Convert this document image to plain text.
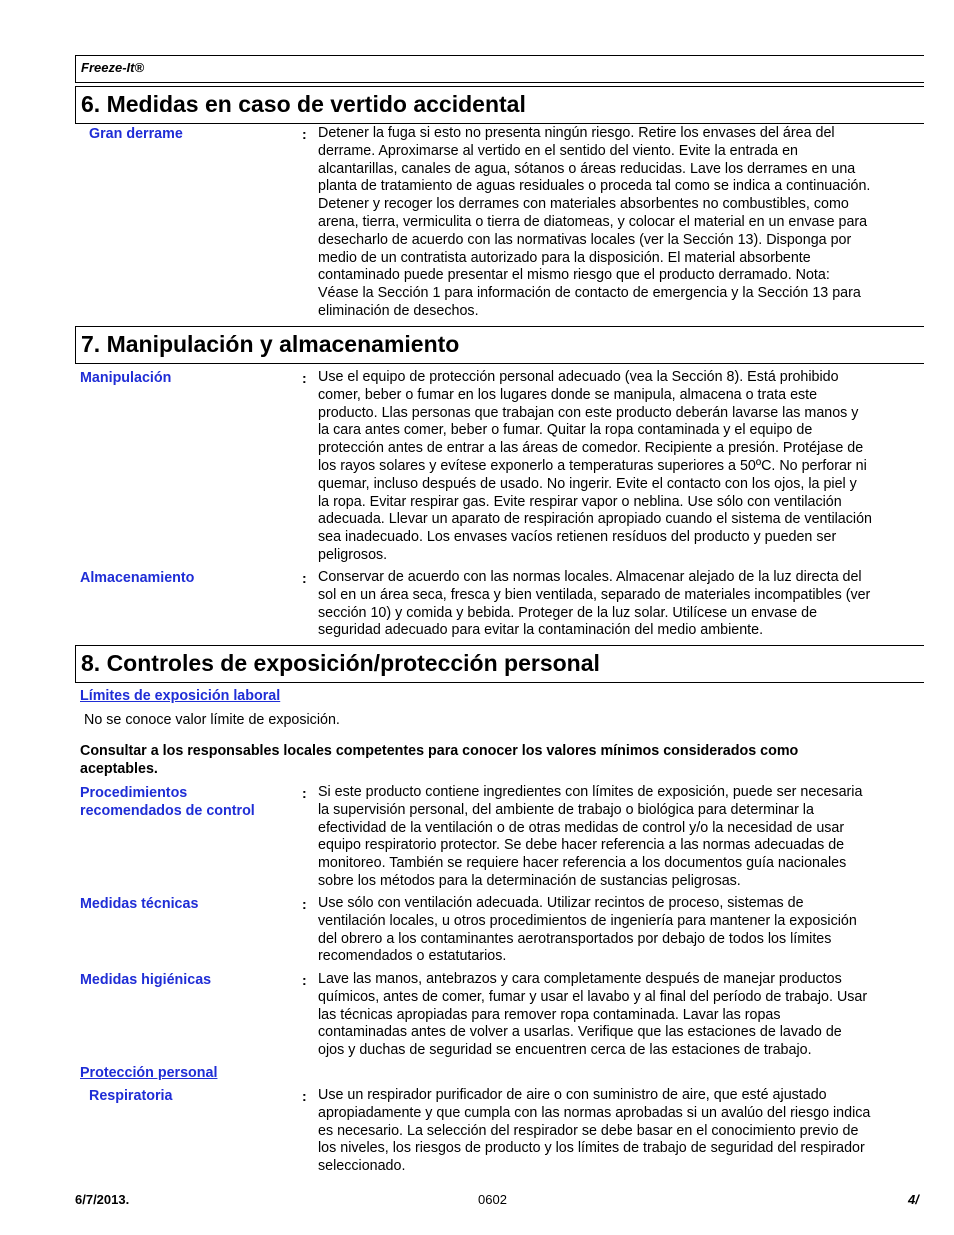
Freeze-It®
6. Medidas en caso de vertido accidental
Gran derrame	: Detener la fuga si esto no presenta ningún riesgo. Retire los envases del área del
derrame. Aproximarse al vertido en el sentido del viento. Evite la entrada en
alcantarillas, canales de agua, sótanos o áreas reducidas. Lave los derrames en una
planta de tratamiento de aguas residuales o proceda tal como se indica a continuación.
Detener y recoger los derrames con materiales absorbentes no combustibles, como
arena, tierra, vermiculita o tierra de diatomeas, y colocar el material en un envase para
desecharlo de acuerdo con las normativas locales (ver la Sección 13). Disponga por
medio de un contratista autorizado para la disposición. El material absorbente
contaminado puede presentar el mismo riesgo que el producto derramado. Nota:
Véase la Sección 1 para información de contacto de emergencia y la Sección 13 para
eliminación de desechos.
7. Manipulación y almacenamiento
Manipulación	: Use el equipo de protección personal adecuado (vea la Sección 8). Está prohibido
comer, beber o fumar en los lugares donde se manipula, almacena o trata este
producto. Llas personas que trabajan con este producto deberán lavarse las manos y
la cara antes comer, beber o fumar. Quitar la ropa contaminada y el equipo de
protección antes de entrar a las áreas de comedor. Recipiente a presión. Protéjase de
los rayos solares y evítese exponerlo a temperaturas superiores a 50ºC. No perforar ni
quemar, incluso después de usado. No ingerir. Evite el contacto con los ojos, la piel y
la ropa. Evitar respirar gas. Evite respirar vapor o neblina. Use sólo con ventilación
adecuada. Llevar un aparato de respiración apropiado cuando el sistema de ventilación
sea inadecuado. Los envases vacíos retienen resíduos del producto y pueden ser
peligrosos.
Almacenamiento	: Conservar de acuerdo con las normas locales. Almacenar alejado de la luz directa del
sol en un área seca, fresca y bien ventilada, separado de materiales incompatibles (ver
sección 10) y comida y bebida. Proteger de la luz solar. Utilícese un envase de
seguridad adecuado para evitar la contaminación del medio ambiente.
8. Controles de exposición/protección personal
Límites de exposición laboral
No se conoce valor límite de exposición.
Consultar a los responsables locales competentes para conocer los valores mínimos considerados como
aceptables.
Procedimientos
recomendados de control
: Si este producto contiene ingredientes con límites de exposición, puede ser necesaria
la supervisión personal, del ambiente de trabajo o biológica para determinar la
efectividad de la ventilación o de otras medidas de control y/o la necesidad de usar
equipo respiratorio protector. Se debe hacer referencia a las normas adecuadas de
monitoreo. También se requiere hacer referencia a los documentos guía nacionales
sobre los métodos para la determinación de sustancias peligrosas.
Medidas técnicas	: Use sólo con ventilación adecuada. Utilizar recintos de proceso, sistemas de
ventilación locales, u otros procedimientos de ingeniería para mantener la exposición
del obrero a los contaminantes aerotransportados por debajo de todos los límites
recomendados o estatutarios.
Medidas higiénicas	: Lave las manos, antebrazos y cara completamente después de manejar productos
químicos, antes de comer, fumar y usar el lavabo y al final del período de trabajo. Usar
las técnicas apropiadas para remover ropa contaminada. Lavar las ropas
contaminadas antes de volver a usarlas. Verifique que las estaciones de lavado de
ojos y duchas de seguridad se encuentren cerca de las estaciones de trabajo.
Protección personal
Respiratoria	: Use un respirador purificador de aire o con suministro de aire, que esté ajustado
apropiadamente y que cumpla con las normas aprobadas si un avalúo del riesgo indica
es necesario. La selección del respirador se debe basar en el conocimiento previo de
los niveles, los riesgos de producto y los límites de trabajo de seguridad del respirador
seleccionado.
6/7/2013.	0602	4/
